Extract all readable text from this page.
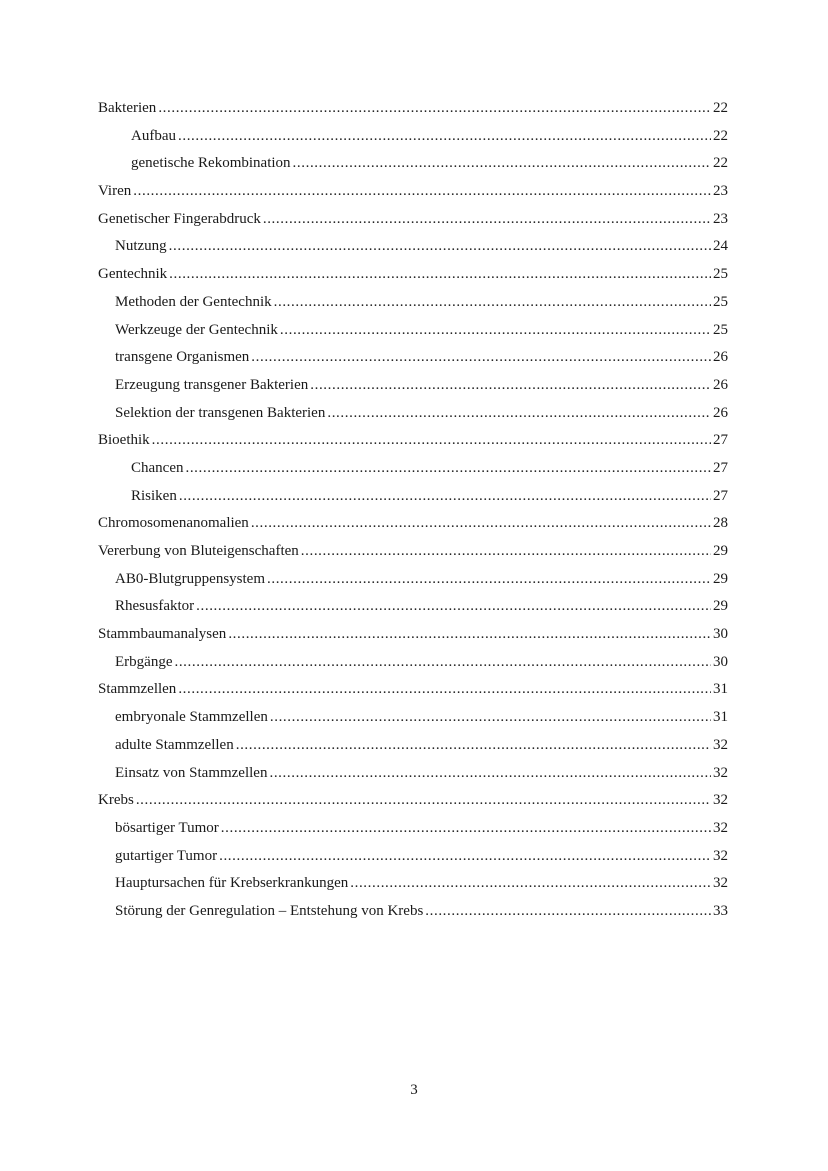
Bakterien .....	22
Aufbau .....	22
genetische Rekombination .....	22
Viren .....	23
Genetischer Fingerabdruck .....	23
Nutzung .....	24
Gentechnik .....	25
Methoden der Gentechnik .....	25
Werkzeuge der Gentechnik .....	25
transgene Organismen .....	26
Erzeugung transgener Bakterien .....	26
Selektion der transgenen Bakterien .....	26
Bioethik .....	27
Chancen .....	27
Risiken .....	27
Chromosomenanomalien .....	28
Vererbung von Bluteigenschaften .....	29
AB0-Blutgruppensystem .....	29
Rhesusfaktor .....	29
Stammbaumanalysen .....	30
Erbgänge .....	30
Stammzellen .....	31
embryonale Stammzellen .....	31
adulte Stammzellen .....	32
Einsatz von Stammzellen .....	32
Krebs .....	32
bösartiger Tumor .....	32
gutartiger Tumor .....	32
Hauptursachen für Krebserkrankungen .....	32
Störung der Genregulation – Entstehung von Krebs .....	33
3
